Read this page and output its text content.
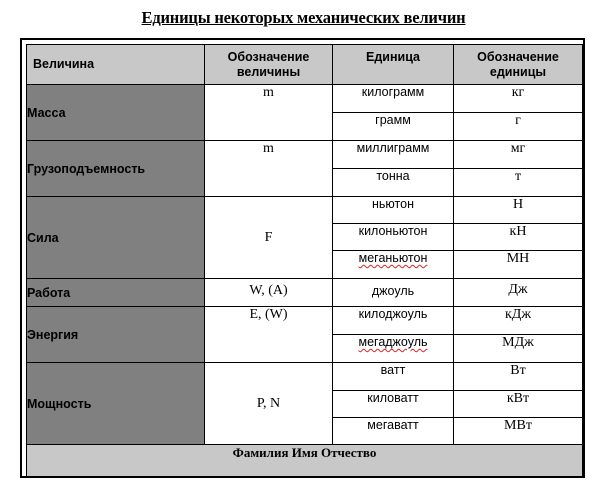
Единицы некоторых механических величин
Величина	Обозначение величины	Единица	Обозначение единицы
Масса	m	килограмм	кг
		грамм	г
Грузоподъемность	m	миллиграмм	мг
		тонна	т
Сила	F	ньютон	Н
		килоньютон	кН
		меганьютон	МН
Работа	W, (A)	джоуль	Дж
Энергия	E, (W)	килоджоуль	кДж
		мегаджоуль	МДж
Мощность	P, N	ватт	Вт
		киловатт	кВт
		мегаватт	МВт
Фамилия Имя Отчество			
